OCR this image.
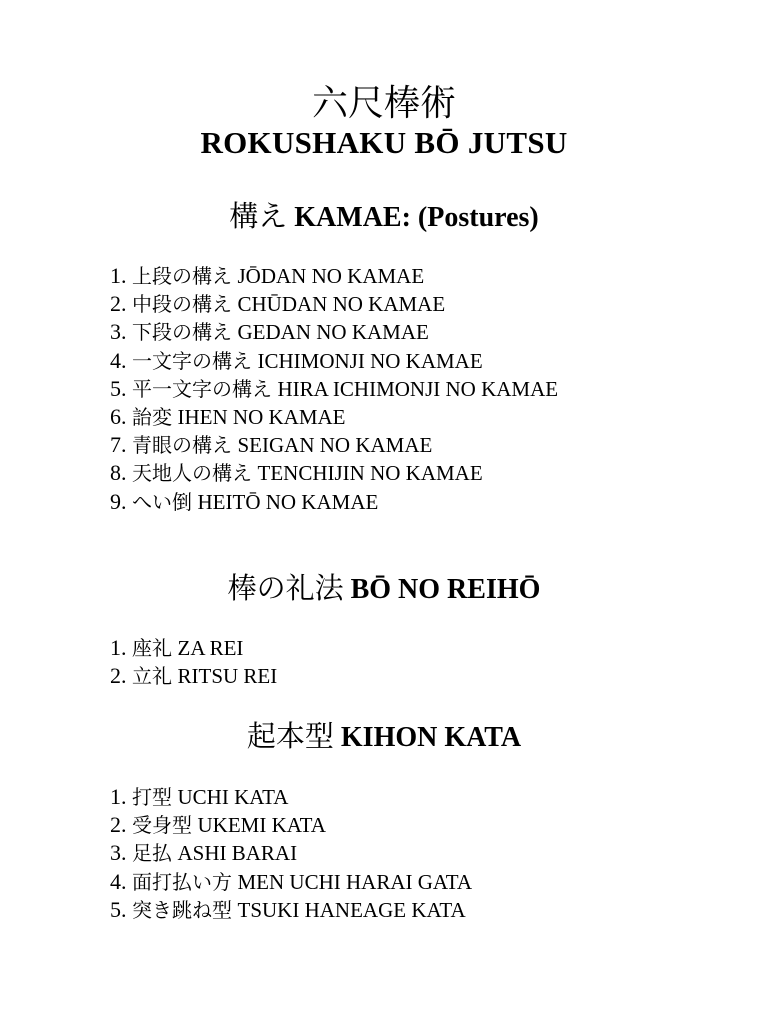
六尺棒術
ROKUSHAKU BŌ JUTSU
構え KAMAE: (Postures)
1. 上段の構え JŌDAN NO KAMAE
2. 中段の構え CHŪDAN NO KAMAE
3. 下段の構え GEDAN NO KAMAE
4. 一文字の構え ICHIMONJI NO KAMAE
5. 平一文字の構え HIRA ICHIMONJI NO KAMAE
6. 詒変 IHEN NO KAMAE
7. 青眼の構え SEIGAN NO KAMAE
8. 天地人の構え TENCHIJIN NO KAMAE
9. へい倒 HEITŌ NO KAMAE
棒の礼法 BŌ NO REIHŌ
1. 座礼 ZA REI
2. 立礼 RITSU REI
起本型 KIHON KATA
1. 打型 UCHI KATA
2. 受身型 UKEMI KATA
3. 足払 ASHI BARAI
4. 面打払い方 MEN UCHI HARAI GATA
5. 突き跳ね型 TSUKI HANEAGE KATA
